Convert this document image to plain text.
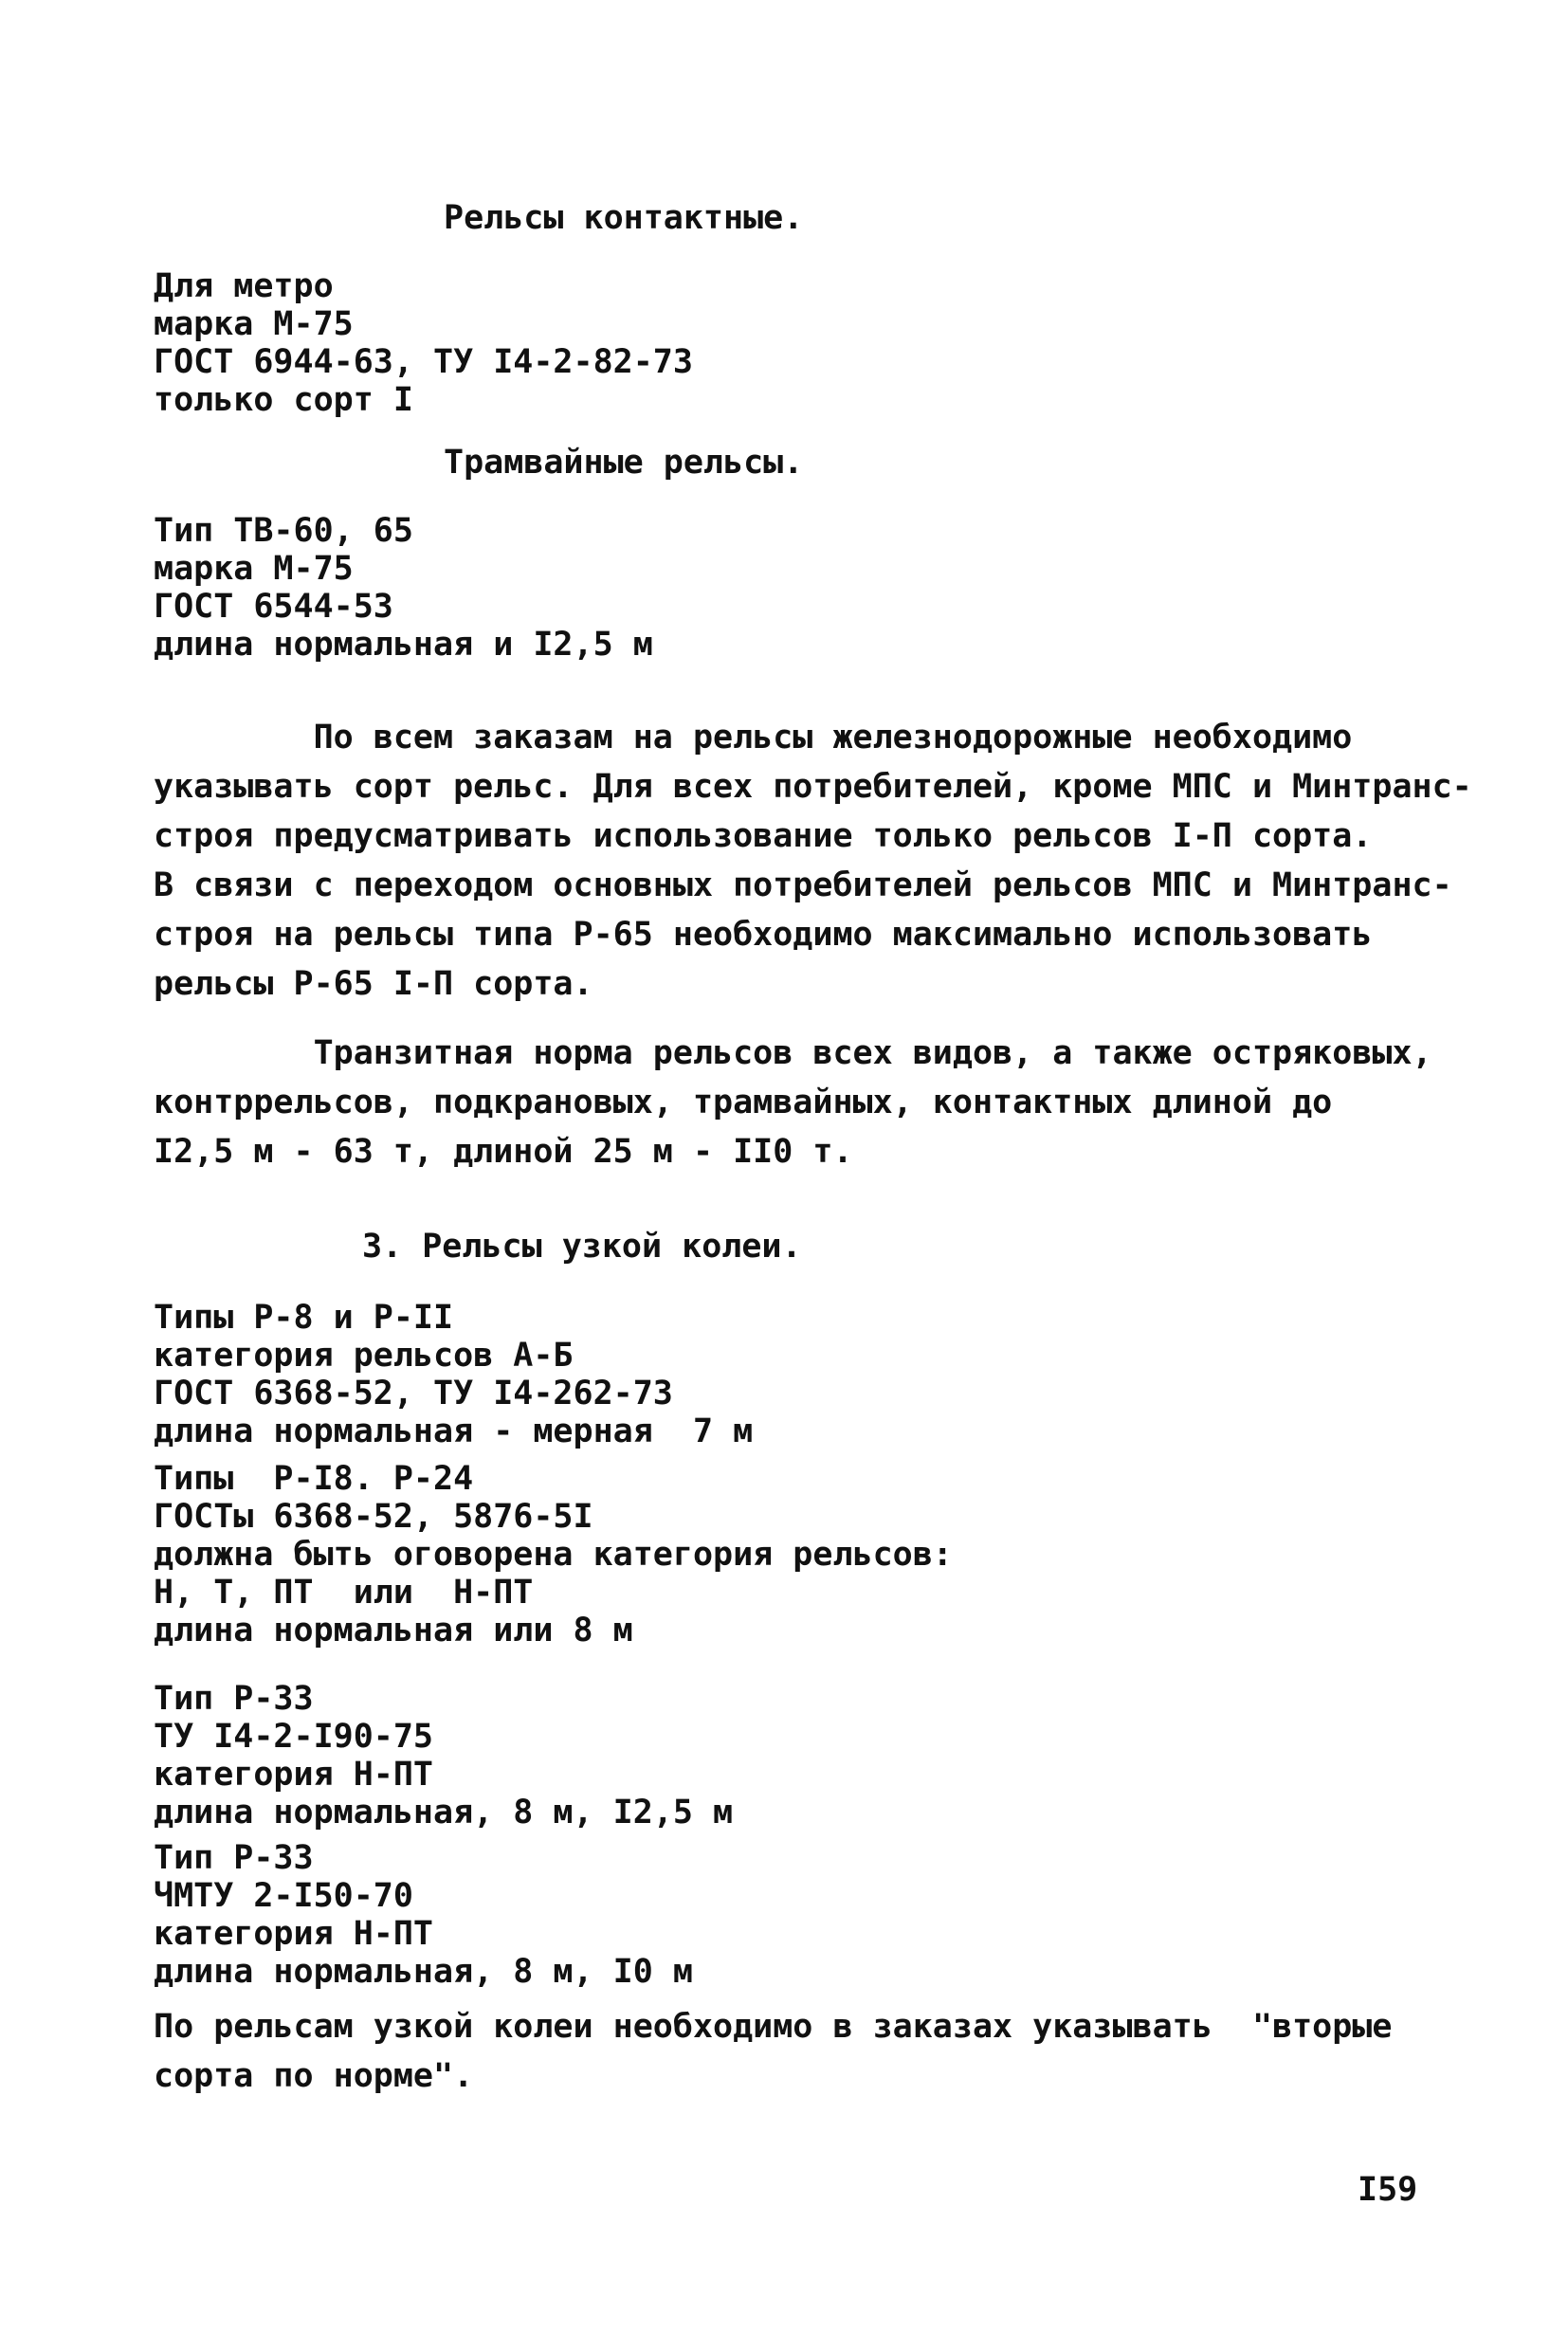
Рельсы контактные.
Для метро
марка М-75
ГОСТ 6944-63, ТУ I4-2-82-73
только сорт I
Трамвайные рельсы.
Тип ТВ-60, 65
марка М-75
ГОСТ 6544-53
длина нормальная и I2,5 м
По всем заказам на рельсы железнодорожные необходимо
указывать сорт рельс. Для всех потребителей, кроме МПС и Минтранс-
строя предусматривать использование только рельсов I-П сорта.
В связи с переходом основных потребителей рельсов МПС и Минтранс-
строя на рельсы типа Р-65 необходимо максимально использовать
рельсы Р-65 I-П сорта.
Транзитная норма рельсов всех видов, а также остряковых,
контррельсов, подкрановых, трамвайных, контактных длиной до
I2,5 м - 63 т, длиной 25 м - II0 т.
3. Рельсы узкой колеи.
Типы Р-8 и Р-II
категория рельсов А-Б
ГОСТ 6368-52, ТУ I4-262-73
длина нормальная - мерная  7 м
Типы  Р-I8. Р-24
ГОСТы 6368-52, 5876-5I
должна быть оговорена категория рельсов:
Н, Т, ПТ  или  Н-ПТ
длина нормальная или 8 м
Тип Р-33
ТУ I4-2-I90-75
категория Н-ПТ
длина нормальная, 8 м, I2,5 м
Тип Р-33
ЧМТУ 2-I50-70
категория Н-ПТ
длина нормальная, 8 м, I0 м
По рельсам узкой колеи необходимо в заказах указывать  "вторые
сорта по норме".
I59
